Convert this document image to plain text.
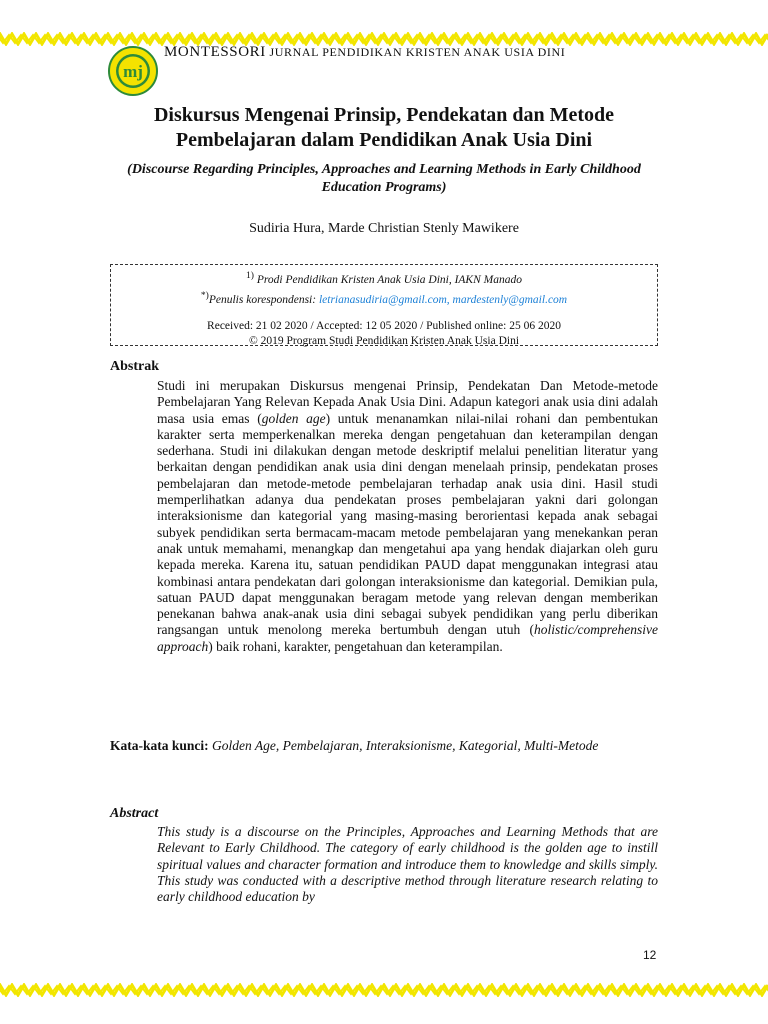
mj
MONTESSORI JURNAL PENDIDIKAN KRISTEN ANAK USIA DINI
Diskursus Mengenai Prinsip, Pendekatan dan Metode Pembelajaran dalam Pendidikan Anak Usia Dini
(Discourse Regarding Principles, Approaches and Learning Methods in Early Childhood Education Programs)
Sudiria Hura, Marde Christian Stenly Mawikere
$^{1)}$ Prodi Pendidikan Kristen Anak Usia Dini, IAKN Manado
*)Penulis korespondensi: letrianasudiria@gmail.com, mardestenly@gmail.com
Received: 21 02 2020 / Accepted: 12 05 2020 / Published online: 25 06 2020
© 2019 Program Studi Pendidikan Kristen Anak Usia Dini
Abstrak
Studi ini merupakan Diskursus mengenai Prinsip, Pendekatan Dan Metode-metode Pembelajaran Yang Relevan Kepada Anak Usia Dini. Adapun kategori anak usia dini adalah masa usia emas (golden age) untuk menanamkan nilai-nilai rohani dan pembentukan karakter serta memperkenalkan mereka dengan pengetahuan dan keterampilan dengan sederhana. Studi ini dilakukan dengan metode deskriptif melalui penelitian literatur yang berkaitan dengan pendidikan anak usia dini dengan menelaah prinsip, pendekatan proses pembelajaran dan metode-metode pembelajaran terhadap anak usia dini. Hasil studi memperlihatkan adanya dua pendekatan proses pembelajaran yakni dari golongan interaksionisme dan kategorial yang masing-masing berorientasi kepada anak sebagai subyek pendidikan serta bermacam-macam metode pembelajaran yang menekankan peran anak untuk memahami, menangkap dan mengetahui apa yang hendak diajarkan oleh guru kepada mereka. Karena itu, satuan pendidikan PAUD dapat menggunakan integrasi atau kombinasi antara pendekatan dari golongan interaksionisme dan kategorial. Demikian pula, satuan PAUD dapat menggunakan beragam metode yang relevan dengan memberikan penekanan bahwa anak-anak usia dini sebagai subyek pendidikan yang perlu diberikan rangsangan untuk menolong mereka bertumbuh dengan utuh (holistic/comprehensive approach) baik rohani, karakter, pengetahuan dan keterampilan.
Kata-kata kunci: Golden Age, Pembelajaran, Interaksionisme, Kategorial, Multi-Metode
Abstract
This study is a discourse on the Principles, Approaches and Learning Methods that are Relevant to Early Childhood. The category of early childhood is the golden age to instill spiritual values and character formation and introduce them to knowledge and skills simply. This study was conducted with a descriptive method through literature research relating to early childhood education by
12
